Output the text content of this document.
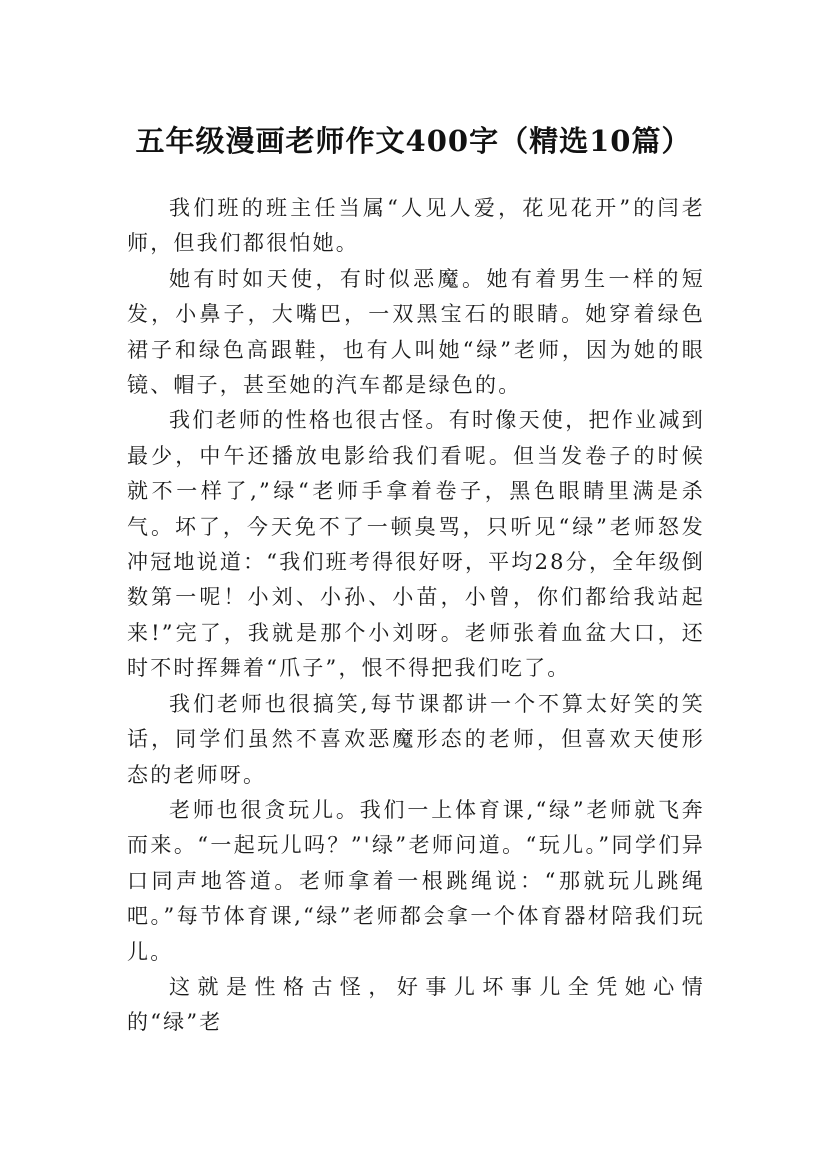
五年级漫画老师作文400字（精选10篇）

我们班的班主任当属“人见人爱，花见花开”的闫老师，但我们都很怕她。

她有时如天使，有时似恶魔。她有着男生一样的短发，小鼻子，大嘴巴，一双黑宝石的眼睛。她穿着绿色裙子和绿色高跟鞋，也有人叫她“绿”老师，因为她的眼镜、帽子，甚至她的汽车都是绿色的。

我们老师的性格也很古怪。有时像天使，把作业减到最少，中午还播放电影给我们看呢。但当发卷子的时候就不一样了,”绿“老师手拿着卷子，黑色眼睛里满是杀气。坏了，今天免不了一顿臭骂，只听见“绿”老师怒发冲冠地说道：“我们班考得很好呀，平均28分，全年级倒数第一呢！小刘、小孙、小苗，小曾，你们都给我站起来!”完了，我就是那个小刘呀。老师张着血盆大口，还时不时挥舞着“爪子”，恨不得把我们吃了。

我们老师也很搞笑,每节课都讲一个不算太好笑的笑话，同学们虽然不喜欢恶魔形态的老师，但喜欢天使形态的老师呀。

老师也很贪玩儿。我们一上体育课,“绿”老师就飞奔而来。“一起玩儿吗？”'绿”老师问道。“玩儿。”同学们异口同声地答道。老师拿着一根跳绳说：“那就玩儿跳绳吧。”每节体育课,“绿”老师都会拿一个体育器材陪我们玩儿。

这就是性格古怪，好事儿坏事儿全凭她心情的“绿”老
